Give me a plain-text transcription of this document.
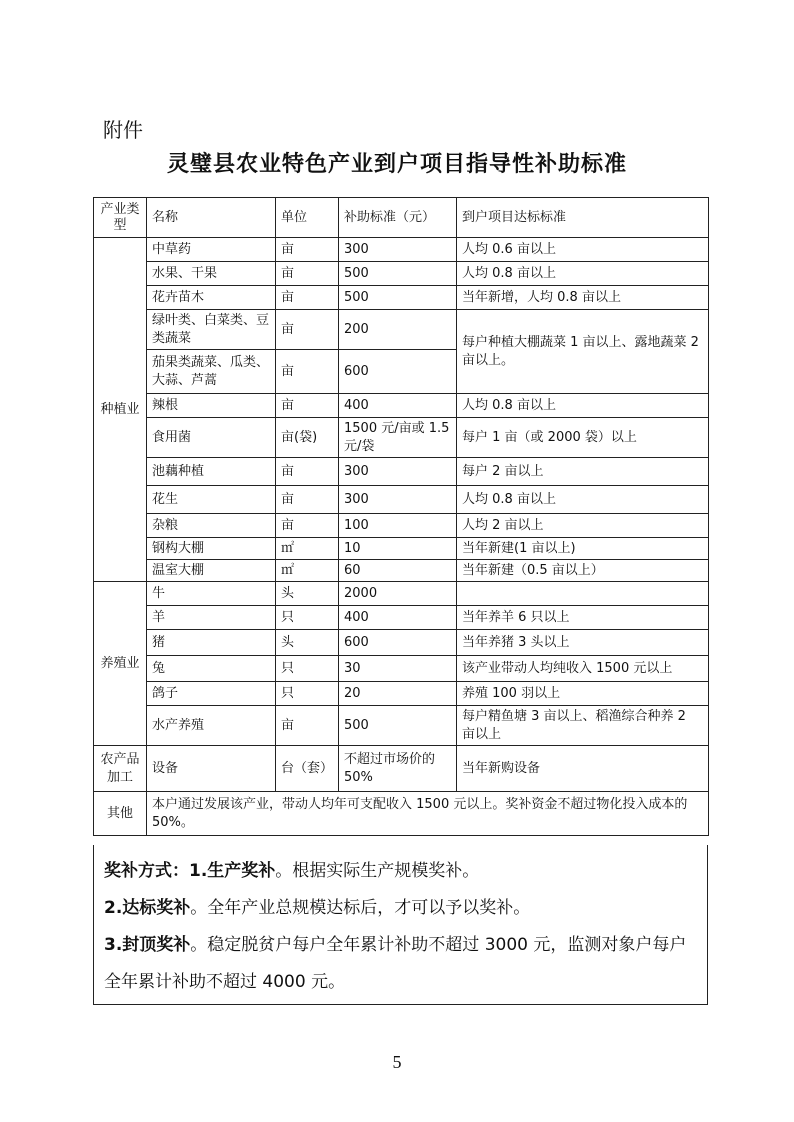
附件
灵璧县农业特色产业到户项目指导性补助标准
产业类型	名称	单位	补助标准（元）	到户项目达标标准
种植业	中草药	亩	300	人均 0.6 亩以上
	水果、干果	亩	500	人均 0.8 亩以上
	花卉苗木	亩	500	当年新增，人均 0.8 亩以上
	绿叶类、白菜类、豆类蔬菜	亩	200	每户种植大棚蔬菜 1 亩以上、露地蔬菜 2 亩以上。
	茄果类蔬菜、瓜类、大蒜、芦蒿	亩	600	
	辣根	亩	400	人均 0.8 亩以上
	食用菌	亩(袋)	1500 元/亩或 1.5 元/袋	每户 1 亩（或 2000 袋）以上
	池藕种植	亩	300	每户 2 亩以上
	花生	亩	300	人均 0.8 亩以上
	杂粮	亩	100	人均 2 亩以上
	钢构大棚	㎡	10	当年新建(1 亩以上)
	温室大棚	㎡	60	当年新建（0.5 亩以上）
养殖业	牛	头	2000	
	羊	只	400	当年养羊 6 只以上
	猪	头	600	当年养猪 3 头以上
	兔	只	30	该产业带动人均纯收入 1500 元以上
	鸽子	只	20	养殖 100 羽以上
	水产养殖	亩	500	每户精鱼塘 3 亩以上、稻渔综合种养 2 亩以上
农产品加工	设备	台（套）	不超过市场价的 50%	当年新购设备
其他	本户通过发展该产业，带动人均年可支配收入 1500 元以上。奖补资金不超过物化投入成本的 50%。			

奖补方式：1.生产奖补。根据实际生产规模奖补。

2.达标奖补。全年产业总规模达标后，才可以予以奖补。

3.封顶奖补。稳定脱贫户每户全年累计补助不超过 3000 元，监测对象户每户全年累计补助不超过 4000 元。

5
